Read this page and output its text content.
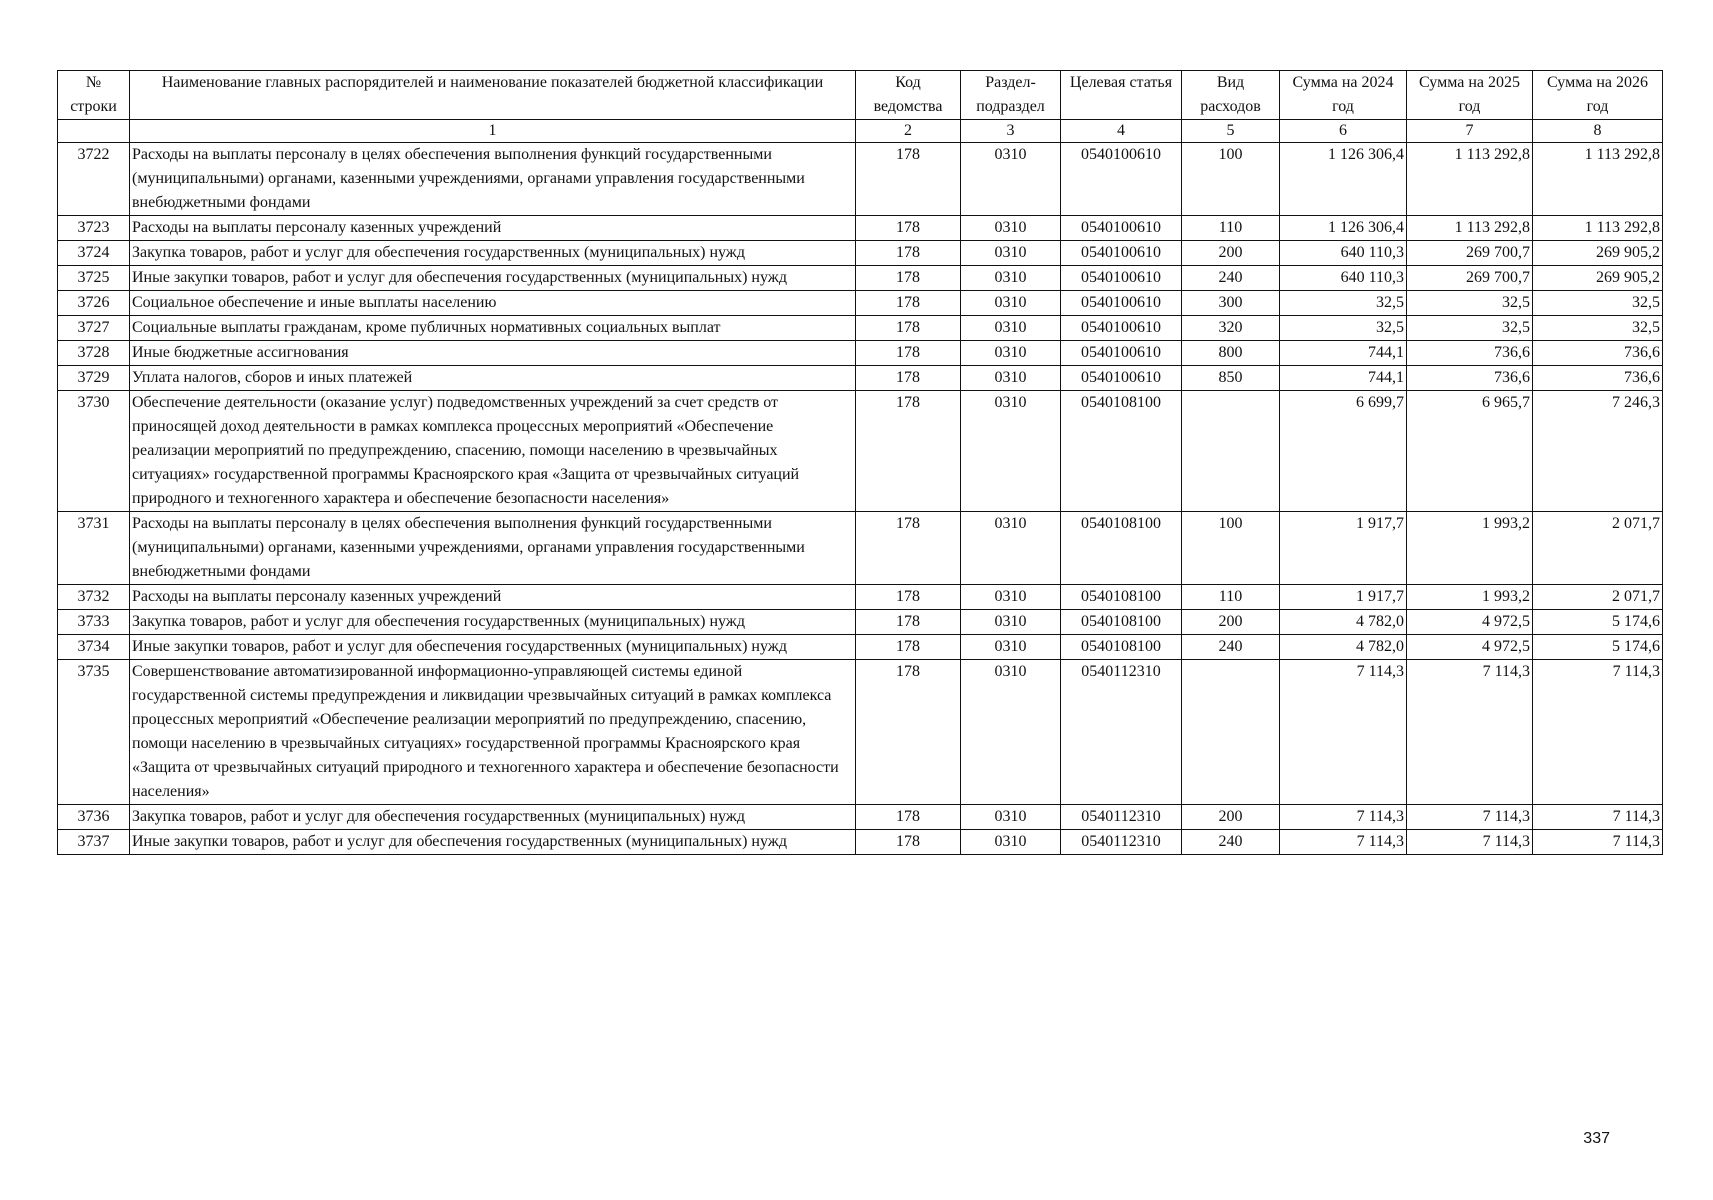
№ строки	Наименование главных распорядителей и наименование показателей бюджетной классификации	Код ведомства	Раздел-подраздел	Целевая статья	Вид расходов	Сумма на 2024 год	Сумма на 2025 год	Сумма на 2026 год
	1	2	3	4	5	6	7	8
3722	Расходы на выплаты персоналу в целях обеспечения выполнения функций государственными (муниципальными) органами, казенными учреждениями, органами управления государственными внебюджетными фондами	178	0310	0540100610	100	1 126 306,4	1 113 292,8	1 113 292,8
3723	Расходы на выплаты персоналу казенных учреждений	178	0310	0540100610	110	1 126 306,4	1 113 292,8	1 113 292,8
3724	Закупка товаров, работ и услуг для обеспечения государственных (муниципальных) нужд	178	0310	0540100610	200	640 110,3	269 700,7	269 905,2
3725	Иные закупки товаров, работ и услуг для обеспечения государственных (муниципальных) нужд	178	0310	0540100610	240	640 110,3	269 700,7	269 905,2
3726	Социальное обеспечение и иные выплаты населению	178	0310	0540100610	300	32,5	32,5	32,5
3727	Социальные выплаты гражданам, кроме публичных нормативных социальных выплат	178	0310	0540100610	320	32,5	32,5	32,5
3728	Иные бюджетные ассигнования	178	0310	0540100610	800	744,1	736,6	736,6
3729	Уплата налогов, сборов и иных платежей	178	0310	0540100610	850	744,1	736,6	736,6
3730	Обеспечение деятельности (оказание услуг) подведомственных учреждений за счет средств от приносящей доход деятельности в рамках комплекса процессных мероприятий «Обеспечение реализации мероприятий по предупреждению, спасению, помощи населению в чрезвычайных ситуациях» государственной программы Красноярского края «Защита от чрезвычайных ситуаций природного и техногенного характера и обеспечение безопасности населения»	178	0310	0540108100		6 699,7	6 965,7	7 246,3
3731	Расходы на выплаты персоналу в целях обеспечения выполнения функций государственными (муниципальными) органами, казенными учреждениями, органами управления государственными внебюджетными фондами	178	0310	0540108100	100	1 917,7	1 993,2	2 071,7
3732	Расходы на выплаты персоналу казенных учреждений	178	0310	0540108100	110	1 917,7	1 993,2	2 071,7
3733	Закупка товаров, работ и услуг для обеспечения государственных (муниципальных) нужд	178	0310	0540108100	200	4 782,0	4 972,5	5 174,6
3734	Иные закупки товаров, работ и услуг для обеспечения государственных (муниципальных) нужд	178	0310	0540108100	240	4 782,0	4 972,5	5 174,6
3735	Совершенствование автоматизированной информационно-управляющей системы единой государственной системы предупреждения и ликвидации чрезвычайных ситуаций в рамках комплекса процессных мероприятий «Обеспечение реализации мероприятий по предупреждению, спасению, помощи населению в чрезвычайных ситуациях» государственной программы Красноярского края «Защита от чрезвычайных ситуаций природного и техногенного характера и обеспечение безопасности населения»	178	0310	0540112310		7 114,3	7 114,3	7 114,3
3736	Закупка товаров, работ и услуг для обеспечения государственных (муниципальных) нужд	178	0310	0540112310	200	7 114,3	7 114,3	7 114,3
3737	Иные закупки товаров, работ и услуг для обеспечения государственных (муниципальных) нужд	178	0310	0540112310	240	7 114,3	7 114,3	7 114,3
337
